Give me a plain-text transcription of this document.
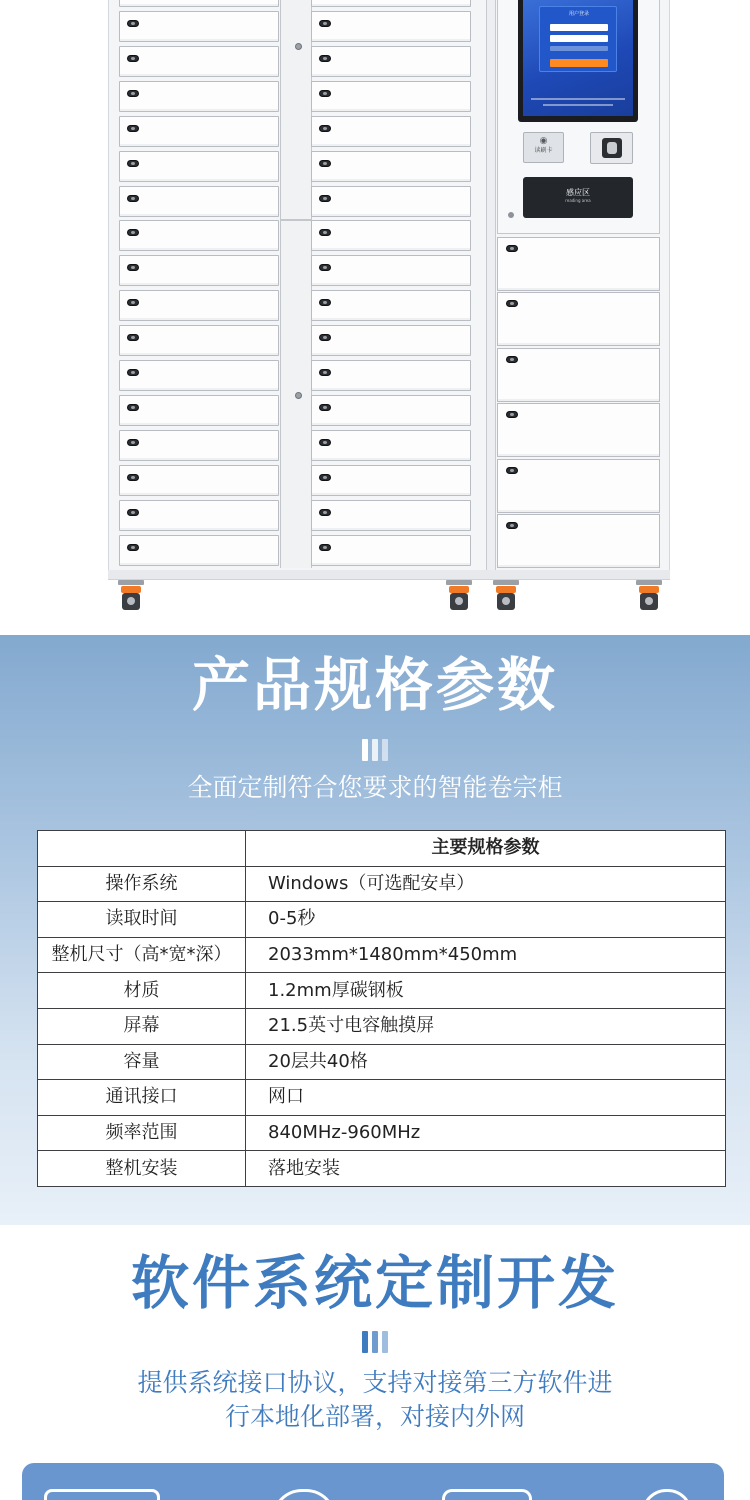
用户登录
◉
读刷卡
感应区
reading area
产品规格参数
全面定制符合您要求的智能卷宗柜
	主要规格参数
操作系统	Windows（可选配安卓）
读取时间	0-5秒
整机尺寸（高*宽*深）	2033mm*1480mm*450mm
材质	1.2mm厚碳钢板
屏幕	21.5英寸电容触摸屏
容量	20层共40格
通讯接口	网口
频率范围	840MHz-960MHz
整机安装	落地安装
软件系统定制开发
提供系统接口协议，支持对接第三方软件进
行本地化部署，对接内外网
